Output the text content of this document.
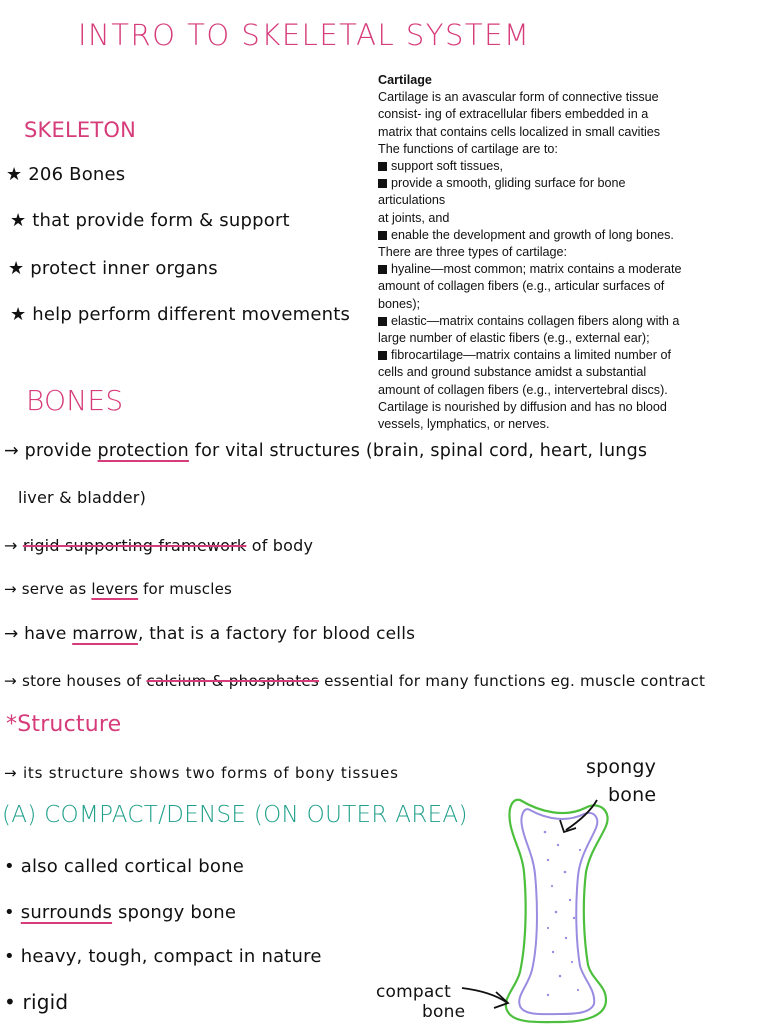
INTRO TO SKELETAL SYSTEM
SKELETON
★ 206 Bones
★ that provide form & support
★ protect inner organs
★ help perform different movements
Cartilage
Cartilage is an avascular form of connective tissue
consist- ing of extracellular fibers embedded in a
matrix that contains cells localized in small cavities
The functions of cartilage are to:
support soft tissues,
provide a smooth, gliding surface for bone
articulations
at joints, and
enable the development and growth of long bones.
There are three types of cartilage:
hyaline—most common; matrix contains a moderate
amount of collagen fibers (e.g., articular surfaces of
bones);
elastic—matrix contains collagen fibers along with a
large number of elastic fibers (e.g., external ear);
fibrocartilage—matrix contains a limited number of
cells and ground substance amidst a substantial
amount of collagen fibers (e.g., intervertebral discs).
Cartilage is nourished by diffusion and has no blood
vessels, lymphatics, or nerves.
BONES
→ provide protection for vital structures (brain, spinal cord, heart, lungs
liver & bladder)
→ rigid supporting framework of body
→ serve as levers for muscles
→ have marrow, that is a factory for blood cells
→ store houses of calcium & phosphates essential for many functions eg. muscle contract
*Structure
→ its structure shows two forms of bony tissues
(A) COMPACT/DENSE (ON OUTER AREA)
• also called cortical bone
• surrounds spongy bone
• heavy, tough, compact in nature
• rigid
spongy
bone
compact
bone
